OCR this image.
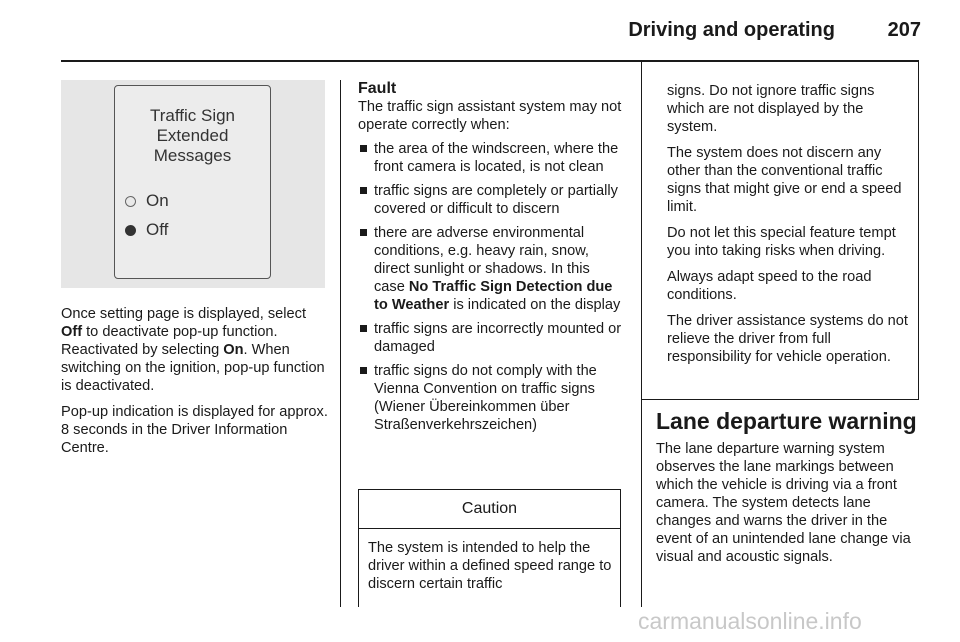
Driving and operating	207
Traffic Sign
Extended
Messages
On
Off

Once setting page is displayed, select Off to deactivate pop-up function. Reactivated by selecting On. When switching on the ignition, pop-up function is deactivated.

Pop-up indication is displayed for approx. 8 seconds in the Driver Information Centre.

Fault

The traffic sign assistant system may not operate correctly when:

the area of the windscreen, where the front camera is located, is not clean
traffic signs are completely or partially covered or difficult to discern
there are adverse environmental conditions, e.g. heavy rain, snow, direct sunlight or shadows. In this case No Traffic Sign Detection due to Weather is indicated on the display
traffic signs are incorrectly mounted or damaged
traffic signs do not comply with the Vienna Convention on traffic signs (Wiener Übereinkommen über Straßenverkehrszeichen)
Caution
The system is intended to help the driver within a defined speed range to discern certain traffic

signs. Do not ignore traffic signs which are not displayed by the system.

The system does not discern any other than the conventional traffic signs that might give or end a speed limit.

Do not let this special feature tempt you into taking risks when driving.

Always adapt speed to the road conditions.

The driver assistance systems do not relieve the driver from full responsibility for vehicle operation.

Lane departure warning
The lane departure warning system observes the lane markings between which the vehicle is driving via a front camera. The system detects lane changes and warns the driver in the event of an unintended lane change via visual and acoustic signals.
carmanualsonline.info
